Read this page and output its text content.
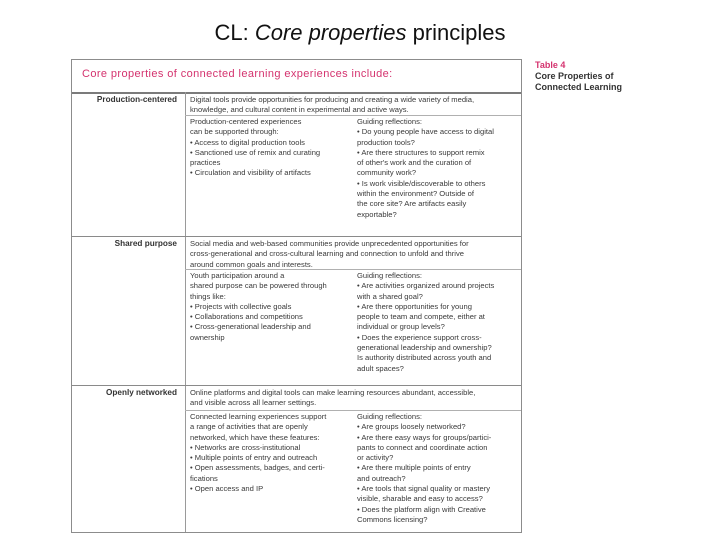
CL: Core properties principles
Core properties of connected learning experiences include:
Production-centered Digital tools provide opportunities for producing and creating a wide variety of media,
knowledge, and cultural content in experimental and active ways.
Production-centered experiences
can be supported through:
• Access to digital production tools
• Sanctioned use of remix and curating
practices
• Circulation and visibility of artifacts
Guiding reflections:
• Do young people have access to digital
production tools?
• Are there structures to support remix
of other's work and the curation of
community work?
• Is work visible/discoverable to others
within the environment? Outside of
the core site? Are artifacts easily
exportable?
Shared purpose Social media and web-based communities provide unprecedented opportunities for
cross-generational and cross-cultural learning and connection to unfold and thrive
around common goals and interests.
Youth participation around a
shared purpose can be powered through
things like:
• Projects with collective goals
• Collaborations and competitions
• Cross-generational leadership and
ownership
Guiding reflections:
• Are activities organized around projects
with a shared goal?
• Are there opportunities for young
people to team and compete, either at
individual or group levels?
• Does the experience support cross-
generational leadership and ownership?
Is authority distributed across youth and
adult spaces?
Openly networked Online platforms and digital tools can make learning resources abundant, accessible,
and visible across all learner settings.
Connected learning experiences support
a range of activities that are openly
networked, which have these features:
• Networks are cross-institutional
• Multiple points of entry and outreach
• Open assessments, badges, and certi-
fications
• Open access and IP
Guiding reflections:
• Are groups loosely networked?
• Are there easy ways for groups/partici-
pants to connect and coordinate action
or activity?
• Are there multiple points of entry
and outreach?
• Are tools that signal quality or mastery
visible, sharable and easy to access?
• Does the platform align with Creative
Commons licensing?
Table 4
Core Properties of
Connected Learning
